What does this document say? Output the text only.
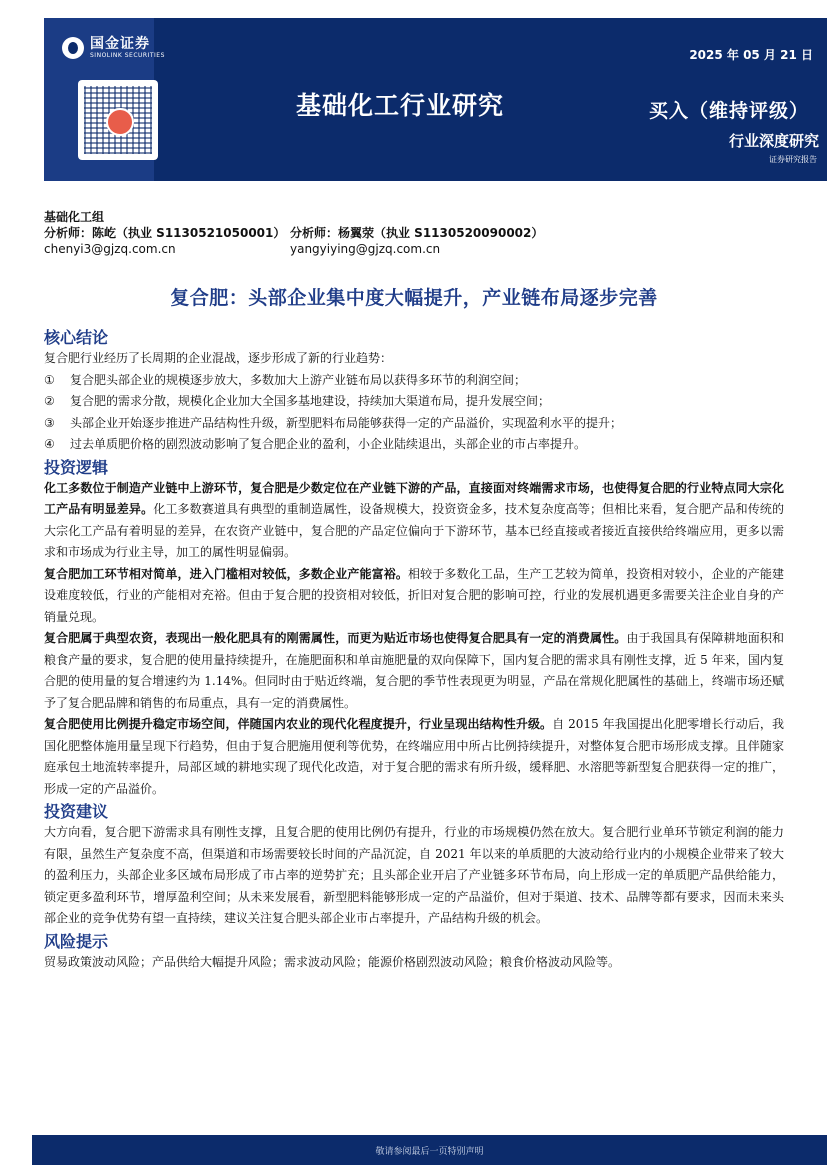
国金证券
SINOLINK SECURITIES
基础化工行业研究
2025 年 05 月 21 日
买入（维持评级）
行业深度研究
证券研究报告
基础化工组
分析师：陈屹（执业 S1130521050001） 分析师：杨翼荥（执业 S1130520090002）
chenyi3@gjzq.com.cn	yangyiying@gjzq.com.cn
复合肥：头部企业集中度大幅提升，产业链布局逐步完善
核心结论

复合肥行业经历了长周期的企业混战，逐步形成了新的行业趋势：

①	复合肥头部企业的规模逐步放大，多数加大上游产业链布局以获得多环节的利润空间；
②	复合肥的需求分散，规模化企业加大全国多基地建设，持续加大渠道布局，提升发展空间；
③	头部企业开始逐步推进产品结构性升级，新型肥料布局能够获得一定的产品溢价，实现盈利水平的提升；
④	过去单质肥价格的剧烈波动影响了复合肥企业的盈利，小企业陆续退出，头部企业的市占率提升。
投资逻辑

化工多数位于制造产业链中上游环节，复合肥是少数定位在产业链下游的产品，直接面对终端需求市场，也使得复合肥的行业特点同大宗化工产品有明显差异。化工多数赛道具有典型的重制造属性，设备规模大，投资资金多，技术复杂度高等；但相比来看，复合肥产品和传统的大宗化工产品有着明显的差异，在农资产业链中，复合肥的产品定位偏向于下游环节，基本已经直接或者接近直接供给终端应用，更多以需求和市场成为行业主导，加工的属性明显偏弱。

复合肥加工环节相对简单，进入门槛相对较低，多数企业产能富裕。相较于多数化工品，生产工艺较为简单，投资相对较小，企业的产能建设难度较低，行业的产能相对充裕。但由于复合肥的投资相对较低，折旧对复合肥的影响可控，行业的发展机遇更多需要关注企业自身的产销量兑现。

复合肥属于典型农资，表现出一般化肥具有的刚需属性，而更为贴近市场也使得复合肥具有一定的消费属性。由于我国具有保障耕地面积和粮食产量的要求，复合肥的使用量持续提升，在施肥面积和单亩施肥量的双向保障下，国内复合肥的需求具有刚性支撑，近 5 年来，国内复合肥的使用量的复合增速约为 1.14%。但同时由于贴近终端，复合肥的季节性表现更为明显，产品在常规化肥属性的基础上，终端市场还赋予了复合肥品牌和销售的布局重点，具有一定的消费属性。

复合肥使用比例提升稳定市场空间，伴随国内农业的现代化程度提升，行业呈现出结构性升级。自 2015 年我国提出化肥零增长行动后，我国化肥整体施用量呈现下行趋势，但由于复合肥施用便利等优势，在终端应用中所占比例持续提升，对整体复合肥市场形成支撑。且伴随家庭承包土地流转率提升，局部区域的耕地实现了现代化改造，对于复合肥的需求有所升级，缓释肥、水溶肥等新型复合肥获得一定的推广，形成一定的产品溢价。

投资建议

大方向看，复合肥下游需求具有刚性支撑，且复合肥的使用比例仍有提升，行业的市场规模仍然在放大。复合肥行业单环节锁定利润的能力有限，虽然生产复杂度不高，但渠道和市场需要较长时间的产品沉淀，自 2021 年以来的单质肥的大波动给行业内的小规模企业带来了较大的盈利压力，头部企业多区域布局形成了市占率的逆势扩充；且头部企业开启了产业链多环节布局，向上形成一定的单质肥产品供给能力，锁定更多盈利环节，增厚盈利空间；从未来发展看，新型肥料能够形成一定的产品溢价，但对于渠道、技术、品牌等都有要求，因而未来头部企业的竞争优势有望一直持续，建议关注复合肥头部企业市占率提升，产品结构升级的机会。

风险提示

贸易政策波动风险；产品供给大幅提升风险；需求波动风险；能源价格剧烈波动风险；粮食价格波动风险等。

敬请参阅最后一页特别声明
